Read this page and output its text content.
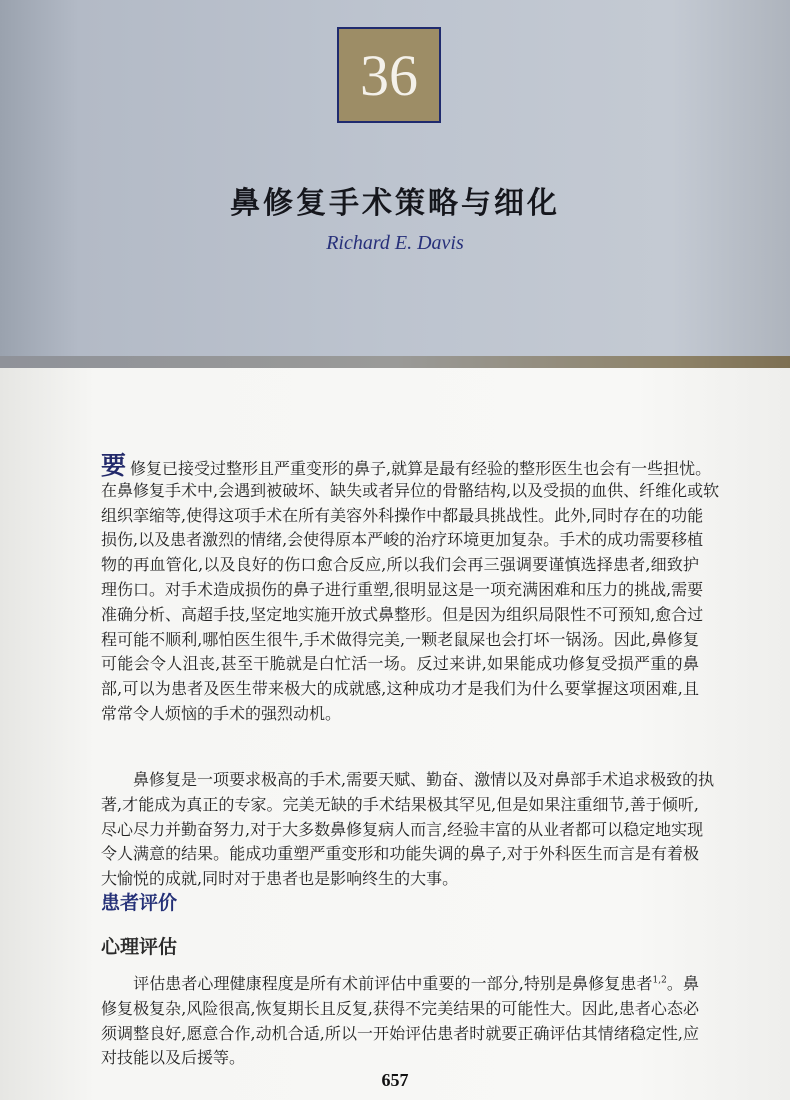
36
鼻修复手术策略与细化
Richard E. Davis
要修复已接受过整形且严重变形的鼻子,就算是最有经验的整形医生也会有一些担忧。
在鼻修复手术中,会遇到被破坏、缺失或者异位的骨骼结构,以及受损的血供、纤维化或软
组织挛缩等,使得这项手术在所有美容外科操作中都最具挑战性。此外,同时存在的功能
损伤,以及患者激烈的情绪,会使得原本严峻的治疗环境更加复杂。手术的成功需要移植
物的再血管化,以及良好的伤口愈合反应,所以我们会再三强调要谨慎选择患者,细致护
理伤口。对手术造成损伤的鼻子进行重塑,很明显这是一项充满困难和压力的挑战,需要
准确分析、高超手技,坚定地实施开放式鼻整形。但是因为组织局限性不可预知,愈合过
程可能不顺利,哪怕医生很牛,手术做得完美,一颗老鼠屎也会打坏一锅汤。因此,鼻修复
可能会令人沮丧,甚至干脆就是白忙活一场。反过来讲,如果能成功修复受损严重的鼻
部,可以为患者及医生带来极大的成就感,这种成功才是我们为什么要掌握这项困难,且
常常令人烦恼的手术的强烈动机。
　　鼻修复是一项要求极高的手术,需要天赋、勤奋、激情以及对鼻部手术追求极致的执
著,才能成为真正的专家。完美无缺的手术结果极其罕见,但是如果注重细节,善于倾听,
尽心尽力并勤奋努力,对于大多数鼻修复病人而言,经验丰富的从业者都可以稳定地实现
令人满意的结果。能成功重塑严重变形和功能失调的鼻子,对于外科医生而言是有着极
大愉悦的成就,同时对于患者也是影响终生的大事。
患者评价
心理评估
　　评估患者心理健康程度是所有术前评估中重要的一部分,特别是鼻修复患者$^{1,2}$。鼻
修复极复杂,风险很高,恢复期长且反复,获得不完美结果的可能性大。因此,患者心态必
须调整良好,愿意合作,动机合适,所以一开始评估患者时就要正确评估其情绪稳定性,应
对技能以及后援等。
657
